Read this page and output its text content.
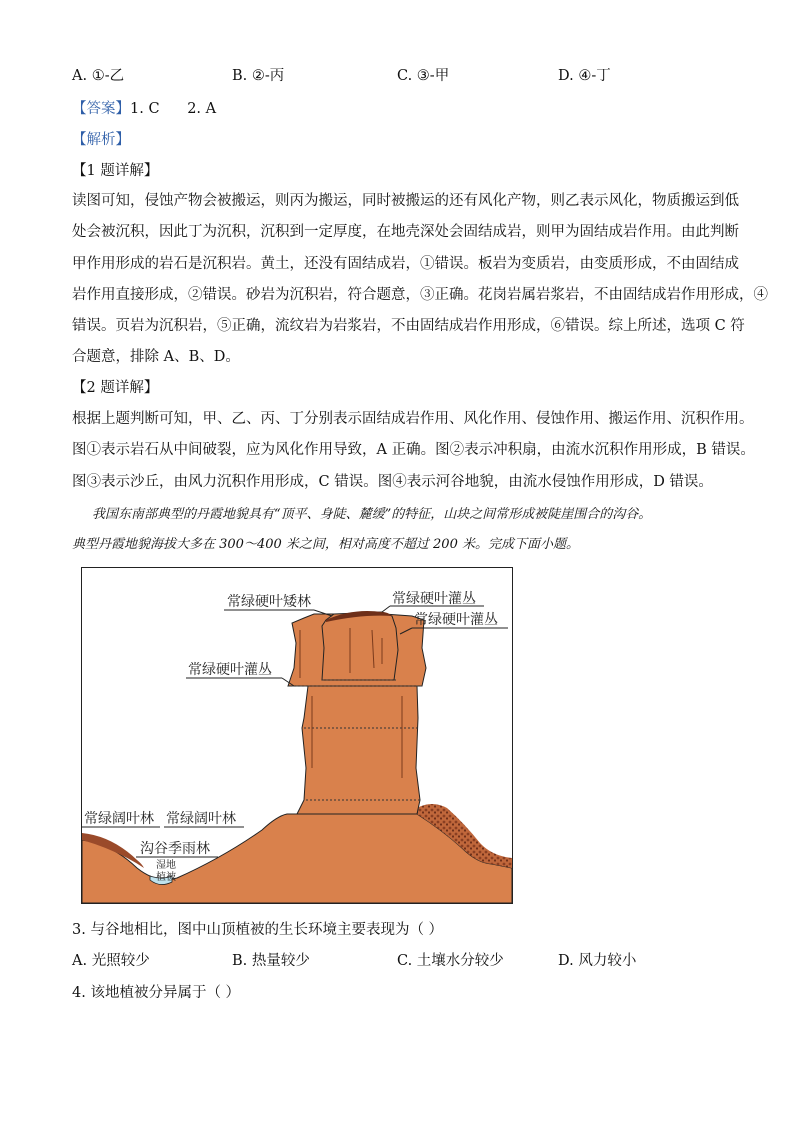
A. ①-乙	B. ②-丙	C. ③-甲	D. ④-丁
【答案】1. C      2. A
【解析】
【1 题详解】
读图可知，侵蚀产物会被搬运，则丙为搬运，同时被搬运的还有风化产物，则乙表示风化，物质搬运到低
处会被沉积，因此丁为沉积，沉积到一定厚度，在地壳深处会固结成岩，则甲为固结成岩作用。由此判断
甲作用形成的岩石是沉积岩。黄土，还没有固结成岩，①错误。板岩为变质岩，由变质形成，不由固结成
岩作用直接形成，②错误。砂岩为沉积岩，符合题意，③正确。花岗岩属岩浆岩，不由固结成岩作用形成，④
错误。页岩为沉积岩，⑤正确，流纹岩为岩浆岩，不由固结成岩作用形成，⑥错误。综上所述，选项 C 符
合题意，排除 A、B、D。
【2 题详解】
根据上题判断可知，甲、乙、丙、丁分别表示固结成岩作用、风化作用、侵蚀作用、搬运作用、沉积作用。
图①表示岩石从中间破裂，应为风化作用导致，A 正确。图②表示冲积扇，由流水沉积作用形成，B 错误。
图③表示沙丘，由风力沉积作用形成，C 错误。图④表示河谷地貌，由流水侵蚀作用形成，D 错误。
我国东南部典型的丹霞地貌具有“顶平、身陡、麓缓”的特征，山块之间常形成被陡崖围合的沟谷。
典型丹霞地貌海拔大多在 300～400 米之间，相对高度不超过 200 米。完成下面小题。
常绿硬叶矮林	常绿硬叶灌丛
常绿硬叶灌丛
常绿硬叶灌丛
常绿阔叶林 常绿阔叶林
沟谷季雨林
湿地
植被
3. 与谷地相比，图中山顶植被的生长环境主要表现为（ ）
A. 光照较少	B. 热量较少	C. 土壤水分较少	D. 风力较小
4. 该地植被分异属于（ ）
